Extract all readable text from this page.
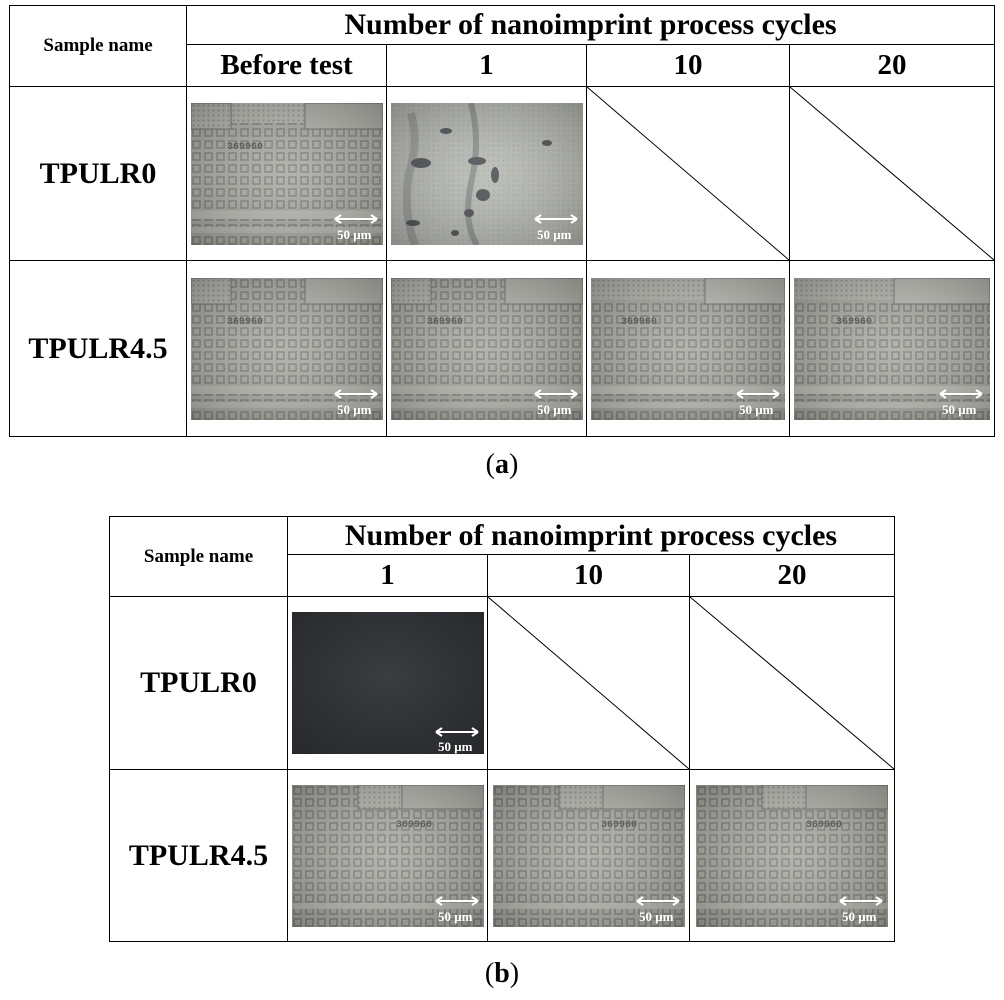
Sample name	Number of nanoimprint process cycles			
	Before test	1	10	20
TPULR0	50 μm	50 μm

TPULR4.5	50 μm	50 μm	50 μm	50 μm
(a)
Sample name	Number of nanoimprint process cycles		
	1	10	20
TPULR0	50 μm

TPULR4.5	50 μm	50 μm	50 μm
(b)
